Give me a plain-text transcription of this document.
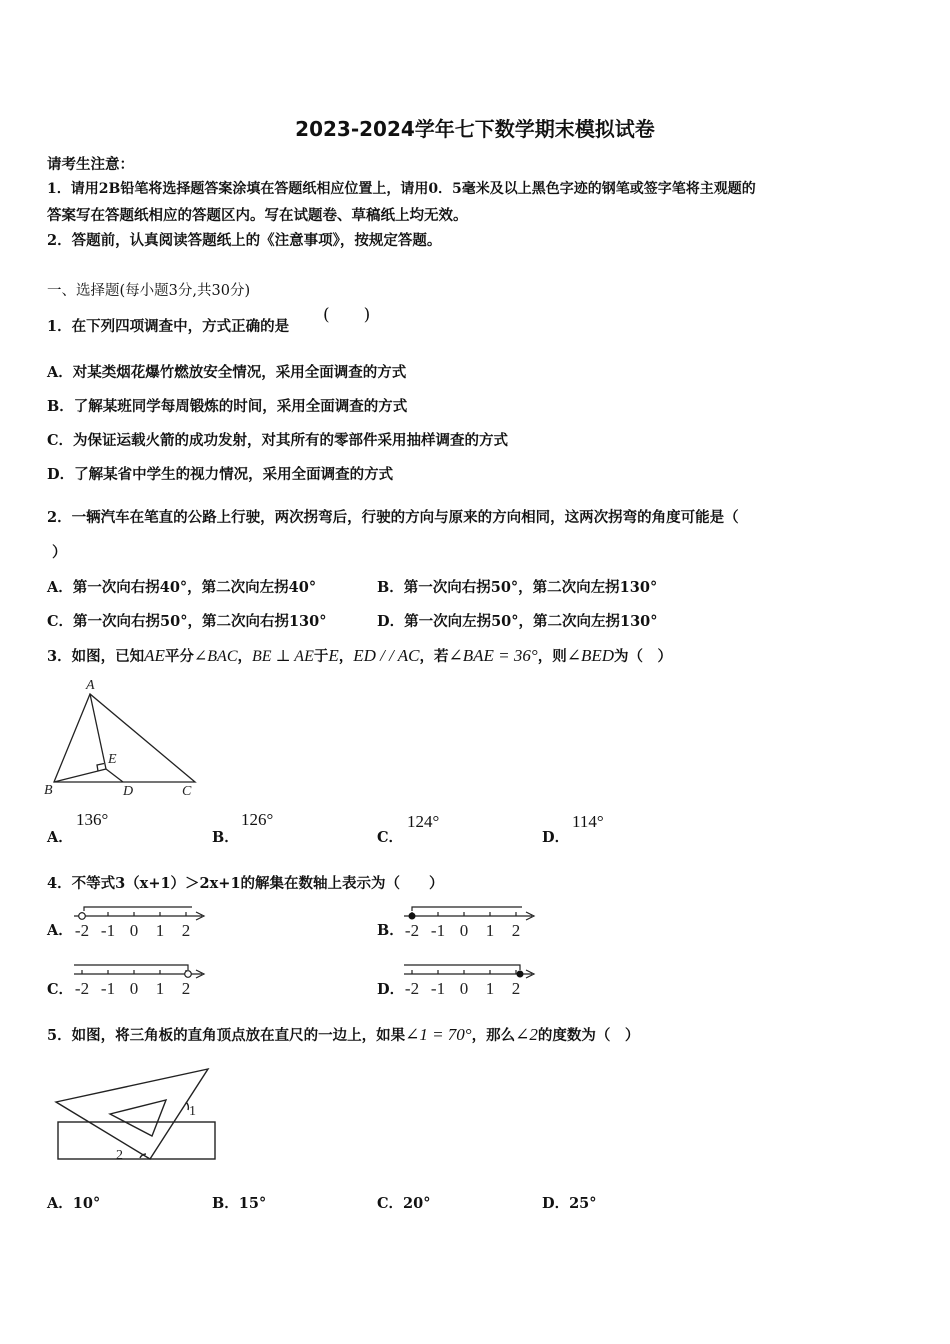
2023-2024学年七下数学期末模拟试卷
请考生注意：
1．请用2B铅笔将选择题答案涂填在答题纸相应位置上，请用0．5毫米及以上黑色字迹的钢笔或签字笔将主观题的
答案写在答题纸相应的答题区内。写在试题卷、草稿纸上均无效。
2．答题前，认真阅读答题纸上的《注意事项》，按规定答题。
一、选择题(每小题3分,共30分)
1．在下列四项调查中，方式正确的是
(　　)
A．对某类烟花爆竹燃放安全情况，采用全面调查的方式
B．了解某班同学每周锻炼的时间，采用全面调查的方式
C．为保证运载火箭的成功发射，对其所有的零部件采用抽样调查的方式
D．了解某省中学生的视力情况，采用全面调查的方式
2．一辆汽车在笔直的公路上行驶，两次拐弯后，行驶的方向与原来的方向相同，这两次拐弯的角度可能是（
）
A．第一次向右拐40°，第二次向左拐40°	B．第一次向右拐50°，第二次向左拐130°
C．第一次向右拐50°，第二次向右拐130°	D．第一次向左拐50°，第二次向左拐130°
3．如图，已知AE平分∠BAC，BE ⊥ AE于E，ED / / AC，若∠BAE = 36°，则∠BED为（　）
A
B	D	C
E
A．
136°
B．
126°
C．
124°
D．
114°
4．不等式3（x+1）＞2x+1的解集在数轴上表示为（　　）
A．	B．
C．	D．
-2 -1 0 1 2	-2 -1 0 1 2
-2 -1 0 1 2	-2 -1 0 1 2
5．如图，将三角板的直角顶点放在直尺的一边上，如果∠1 = 70°，那么∠2的度数为（　）
1
2
A．10°	B．15°	C．20°	D．25°
